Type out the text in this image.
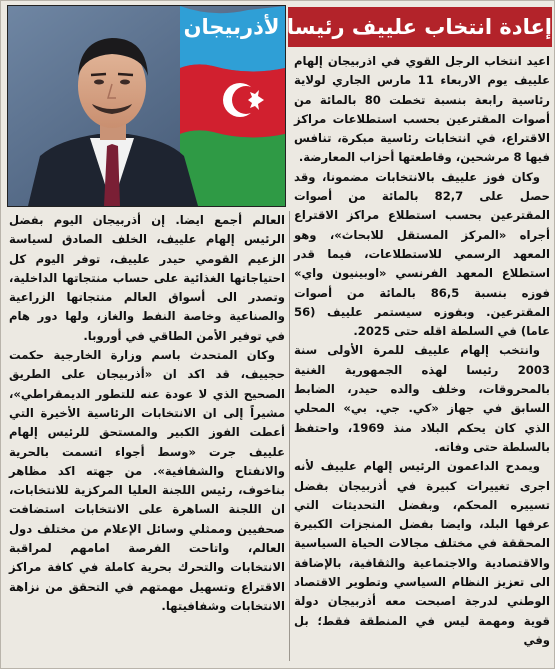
إعادة انتخاب علييف رئيسا لأذربيجان

اعيد انتخاب الرجل القوي في اذربيجان إلهام علييف يوم الاربعاء 11 مارس الجاري لولاية رئاسية رابعة بنسبة تخطت 80 بالمائة من أصوات المقترعين بحسب استطلاعات مراكز الاقتراع، في انتخابات رئاسية مبكرة، تنافس فيها 8 مرشحين، وقاطعتها أحزاب المعارضة.

وكان فوز علييف بالانتخابات مضمونا، وقد حصل على 82,7 بالمائة من أصوات المقترعين بحسب استطلاع مراكز الاقتراع أجراه «المركز المستقل للابحاث»، وهو المعهد الرسمي للاستطلاعات، فيما قدر استطلاع المعهد الفرنسي «اوبينيون واي» فوزه بنسبة 86,5 بالمائة من أصوات المقترعين. وبفوزه سيستمر علييف (56 عاما) في السلطة اقله حتى 2025.

وانتخب إلهام علييف للمرة الأولى سنة 2003 رئيسا لهذه الجمهورية الغنية بالمحروقات، وخلف والده حيدر، الضابط السابق في جهاز «كي. جي. بي» المحلي الذي كان يحكم البلاد منذ 1969، واحتفظ بالسلطة حتى وفاته.

ويمدح الداعمون الرئيس إلهام علييف لأنه اجرى تغييرات كبيرة في أذربيجان بفضل تسييره المحكم، وبفضل التحديثات التي عرفها البلد، وايضا بفضل المنجزات الكبيرة المحققة في مختلف مجالات الحياة السياسية والاقتصادية والاجتماعية والثقافية، بالإضافة الى تعزيز النظام السياسي وتطوير الاقتصاد الوطني لدرجة اصبحت معه أذربيجان دولة قوية ومهمة ليس في المنطقة فقط؛ بل وفي

العالم أجمع ايضا. إن أذربيجان اليوم بفضل الرئيس إلهام علييف، الخلف الصادق لسياسة الزعيم القومي حيدر علييف، توفر اليوم كل احتياجاتها الغذائية على حساب منتجاتها الداخلية، وتصدر الى أسواق العالم منتجاتها الزراعية والصناعية وخاصة النفط والغاز، ولها دور هام في توفير الأمن الطاقي في أوروبا.

وكان المتحدث باسم وزارة الخارجية حكمت حجييف، قد اكد ان «أذربيجان على الطريق الصحيح الذي لا عودة عنه للتطور الديمقراطي»، مشيراً إلى ان الانتخابات الرئاسية الأخيرة التي أعطت الفوز الكبير والمستحق للرئيس إلهام علييف جرت «وسط أجواء اتسمت بالحرية والانفتاح والشفافية». من جهته اكد مظاهر بناخوف، رئيس اللجنة العليا المركزية للانتخابات، ان اللجنة الساهرة على الانتخابات استضافت صحفيين وممثلي وسائل الإعلام من مختلف دول العالم، واتاحت الفرصة امامهم لمراقبة الانتخابات والتحرك بحرية كاملة في كافة مراكز الاقتراع وتسهيل مهمتهم في التحقق من نزاهة الانتخابات وشفافيتها.
